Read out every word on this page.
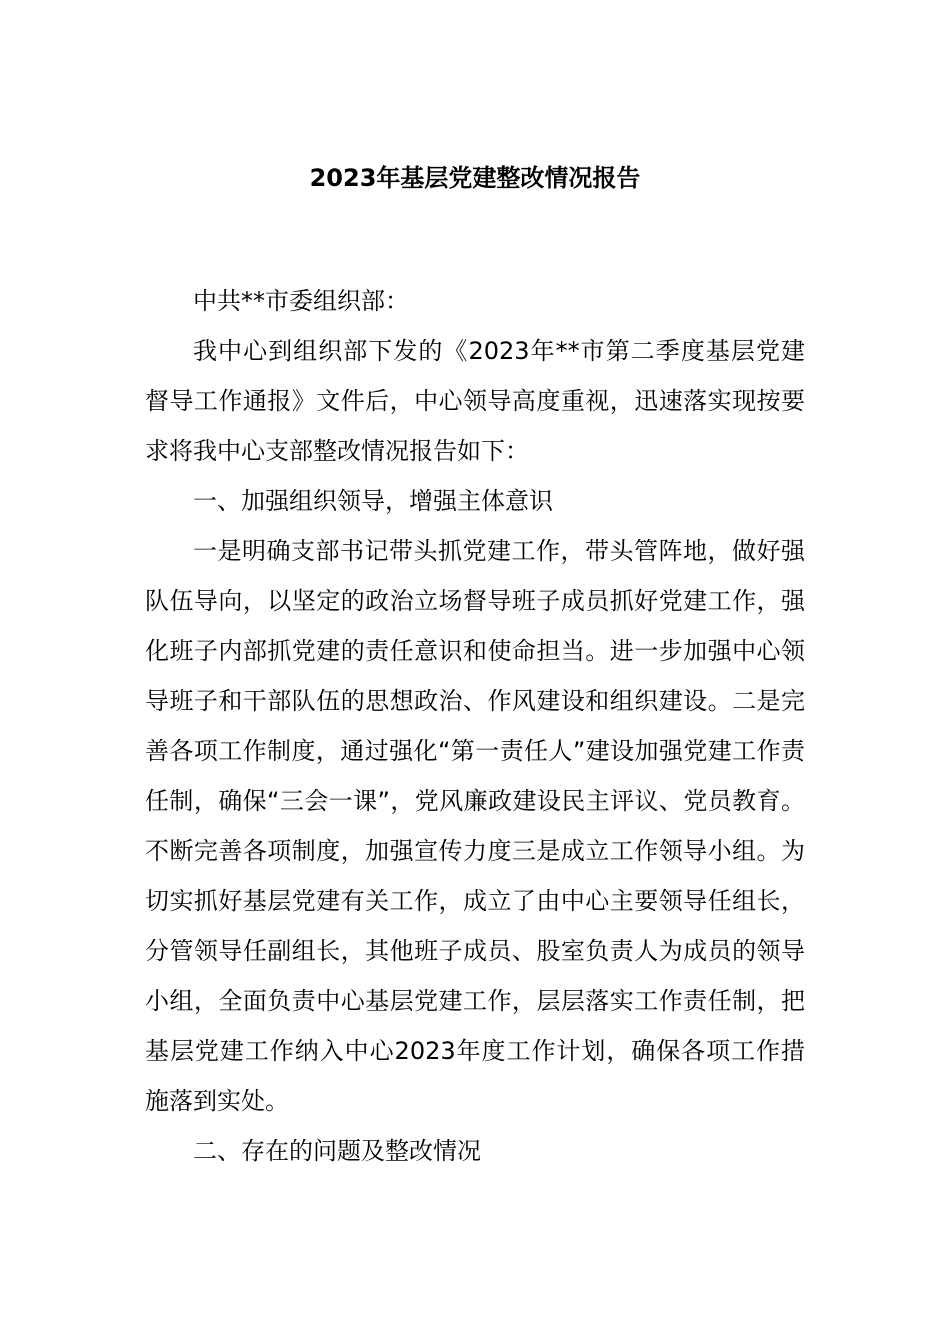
2023年基层党建整改情况报告

中共**市委组织部：

我中心到组织部下发的《2023年**市第二季度基层党建督导工作通报》文件后，中心领导高度重视，迅速落实现按要求将我中心支部整改情况报告如下：

一、加强组织领导，增强主体意识

一是明确支部书记带头抓党建工作，带头管阵地，做好强队伍导向，以坚定的政治立场督导班子成员抓好党建工作，强化班子内部抓党建的责任意识和使命担当。进一步加强中心领导班子和干部队伍的思想政治、作风建设和组织建设。二是完善各项工作制度，通过强化“第一责任人”建设加强党建工作责任制，确保“三会一课”，党风廉政建设民主评议、党员教育。不断完善各项制度，加强宣传力度三是成立工作领导小组。为切实抓好基层党建有关工作，成立了由中心主要领导任组长，分管领导任副组长，其他班子成员、股室负责人为成员的领导小组，全面负责中心基层党建工作，层层落实工作责任制，把基层党建工作纳入中心2023年度工作计划，确保各项工作措施落到实处。

二、存在的问题及整改情况
